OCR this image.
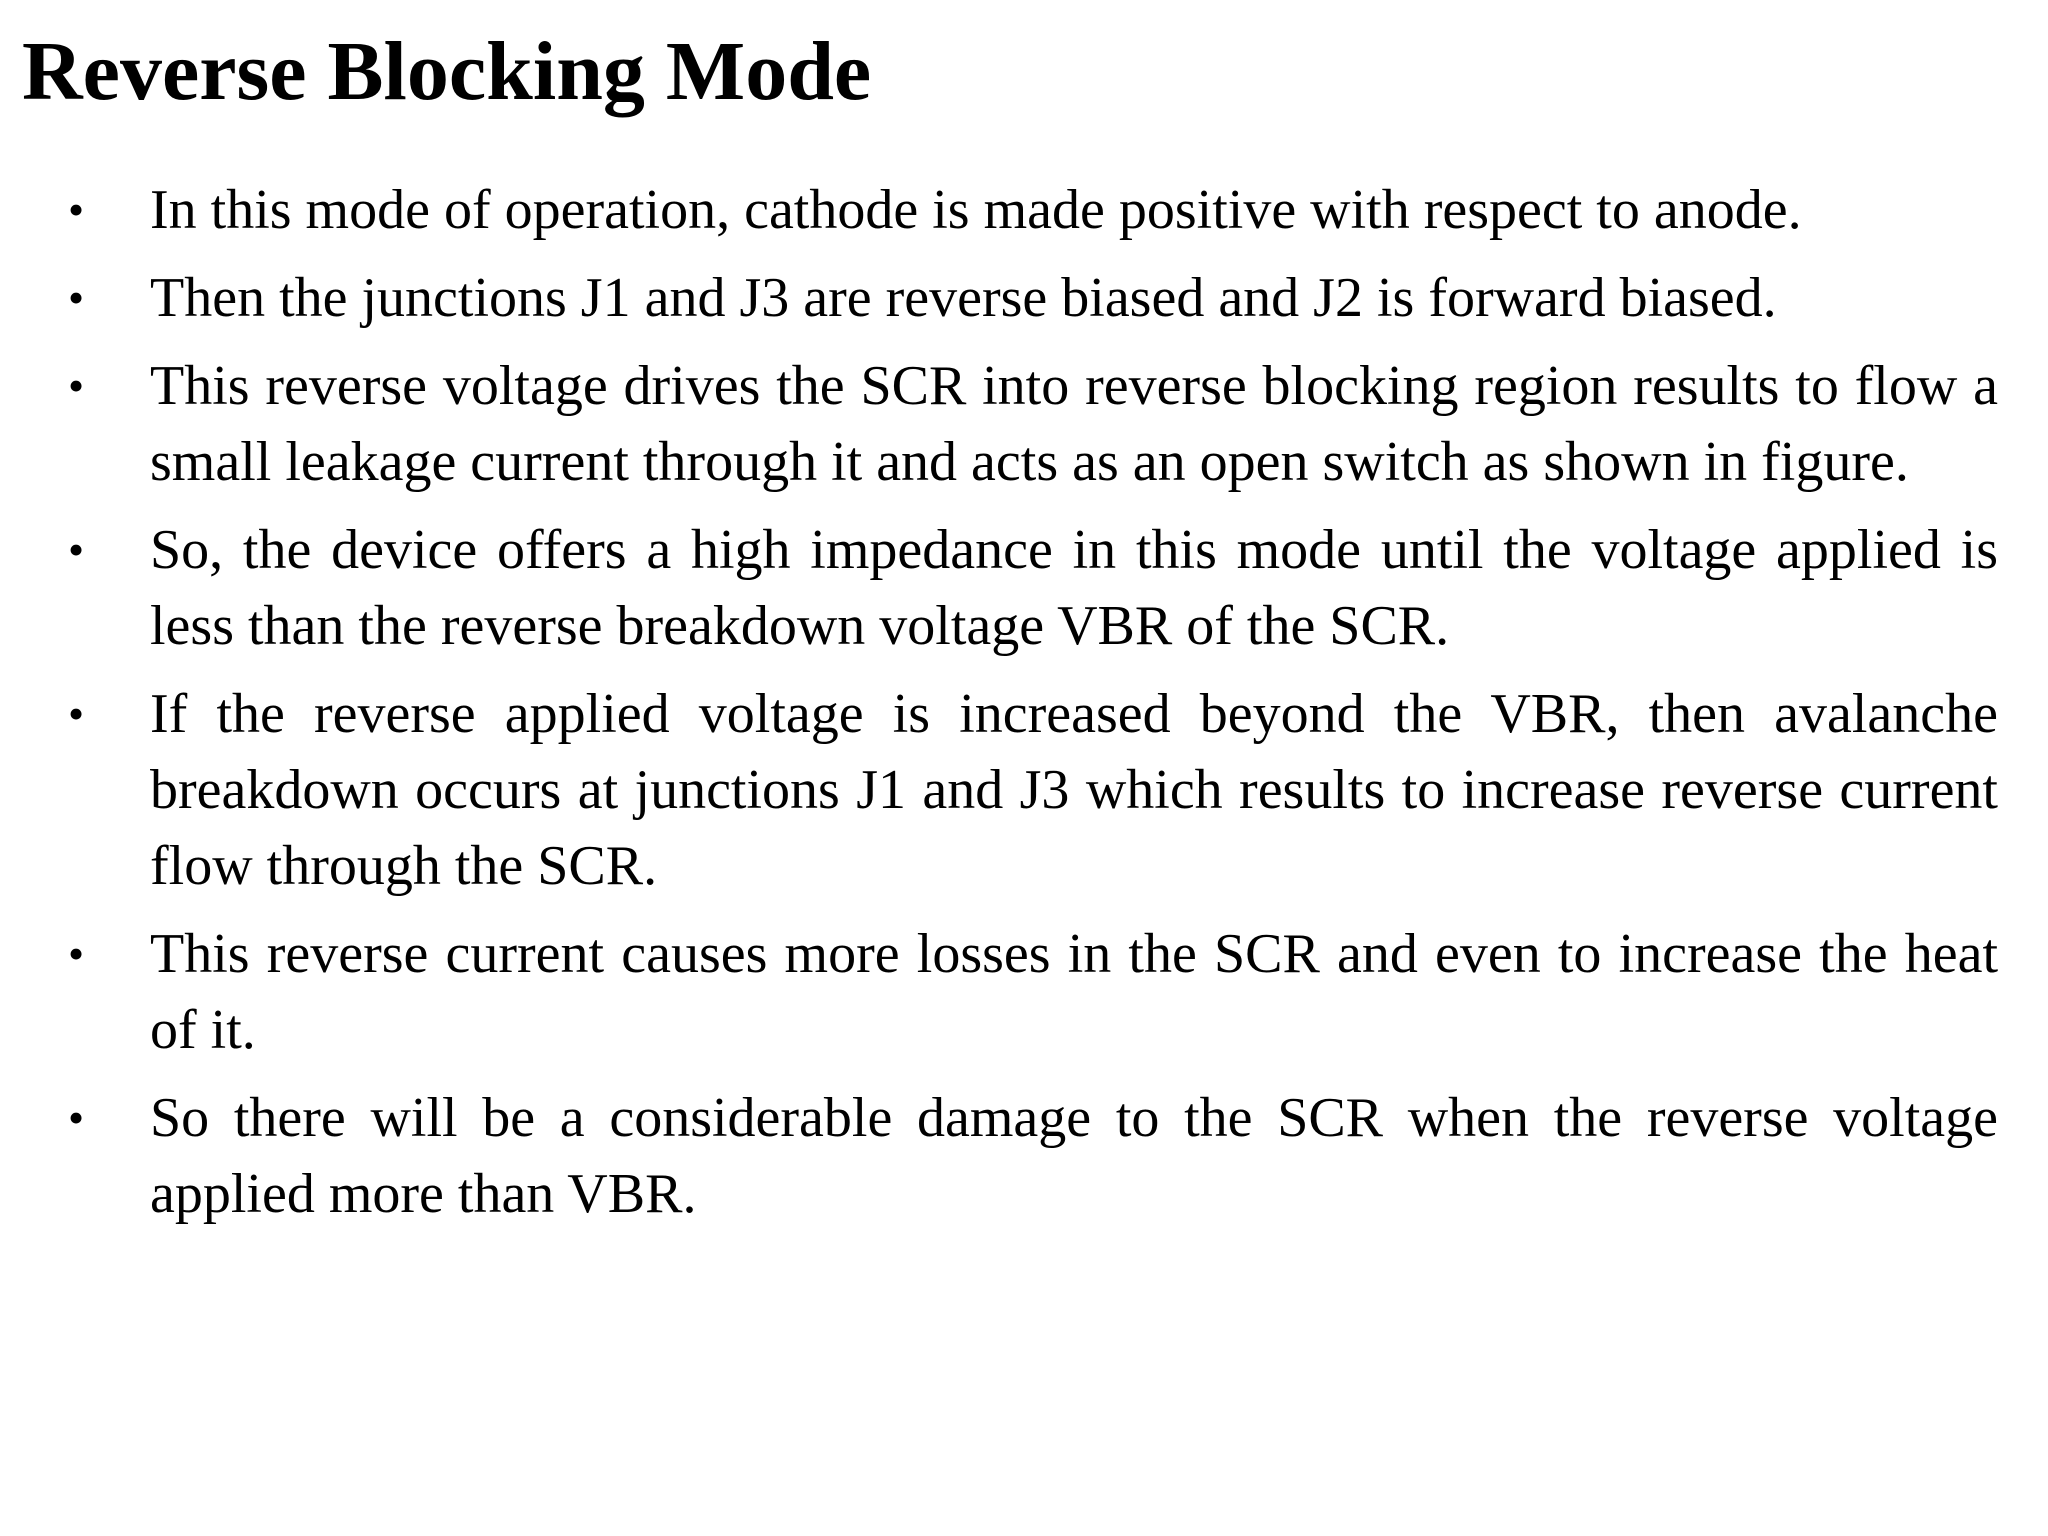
Reverse Blocking Mode
• In this mode of operation, cathode is made positive with respect to anode.
• Then the junctions J1 and J3 are reverse biased and J2 is forward biased.
• This reverse voltage drives the SCR into reverse blocking region results to flow a small leakage current through it and acts as an open switch as shown in figure.
• So, the device offers a high impedance in this mode until the voltage applied is less than the reverse breakdown voltage VBR of the SCR.
• If the reverse applied voltage is increased beyond the VBR, then avalanche breakdown occurs at junctions J1 and J3 which results to increase reverse current flow through the SCR.
• This reverse current causes more losses in the SCR and even to increase the heat of it.
• So there will be a considerable damage to the SCR when the reverse voltage applied more than VBR.
